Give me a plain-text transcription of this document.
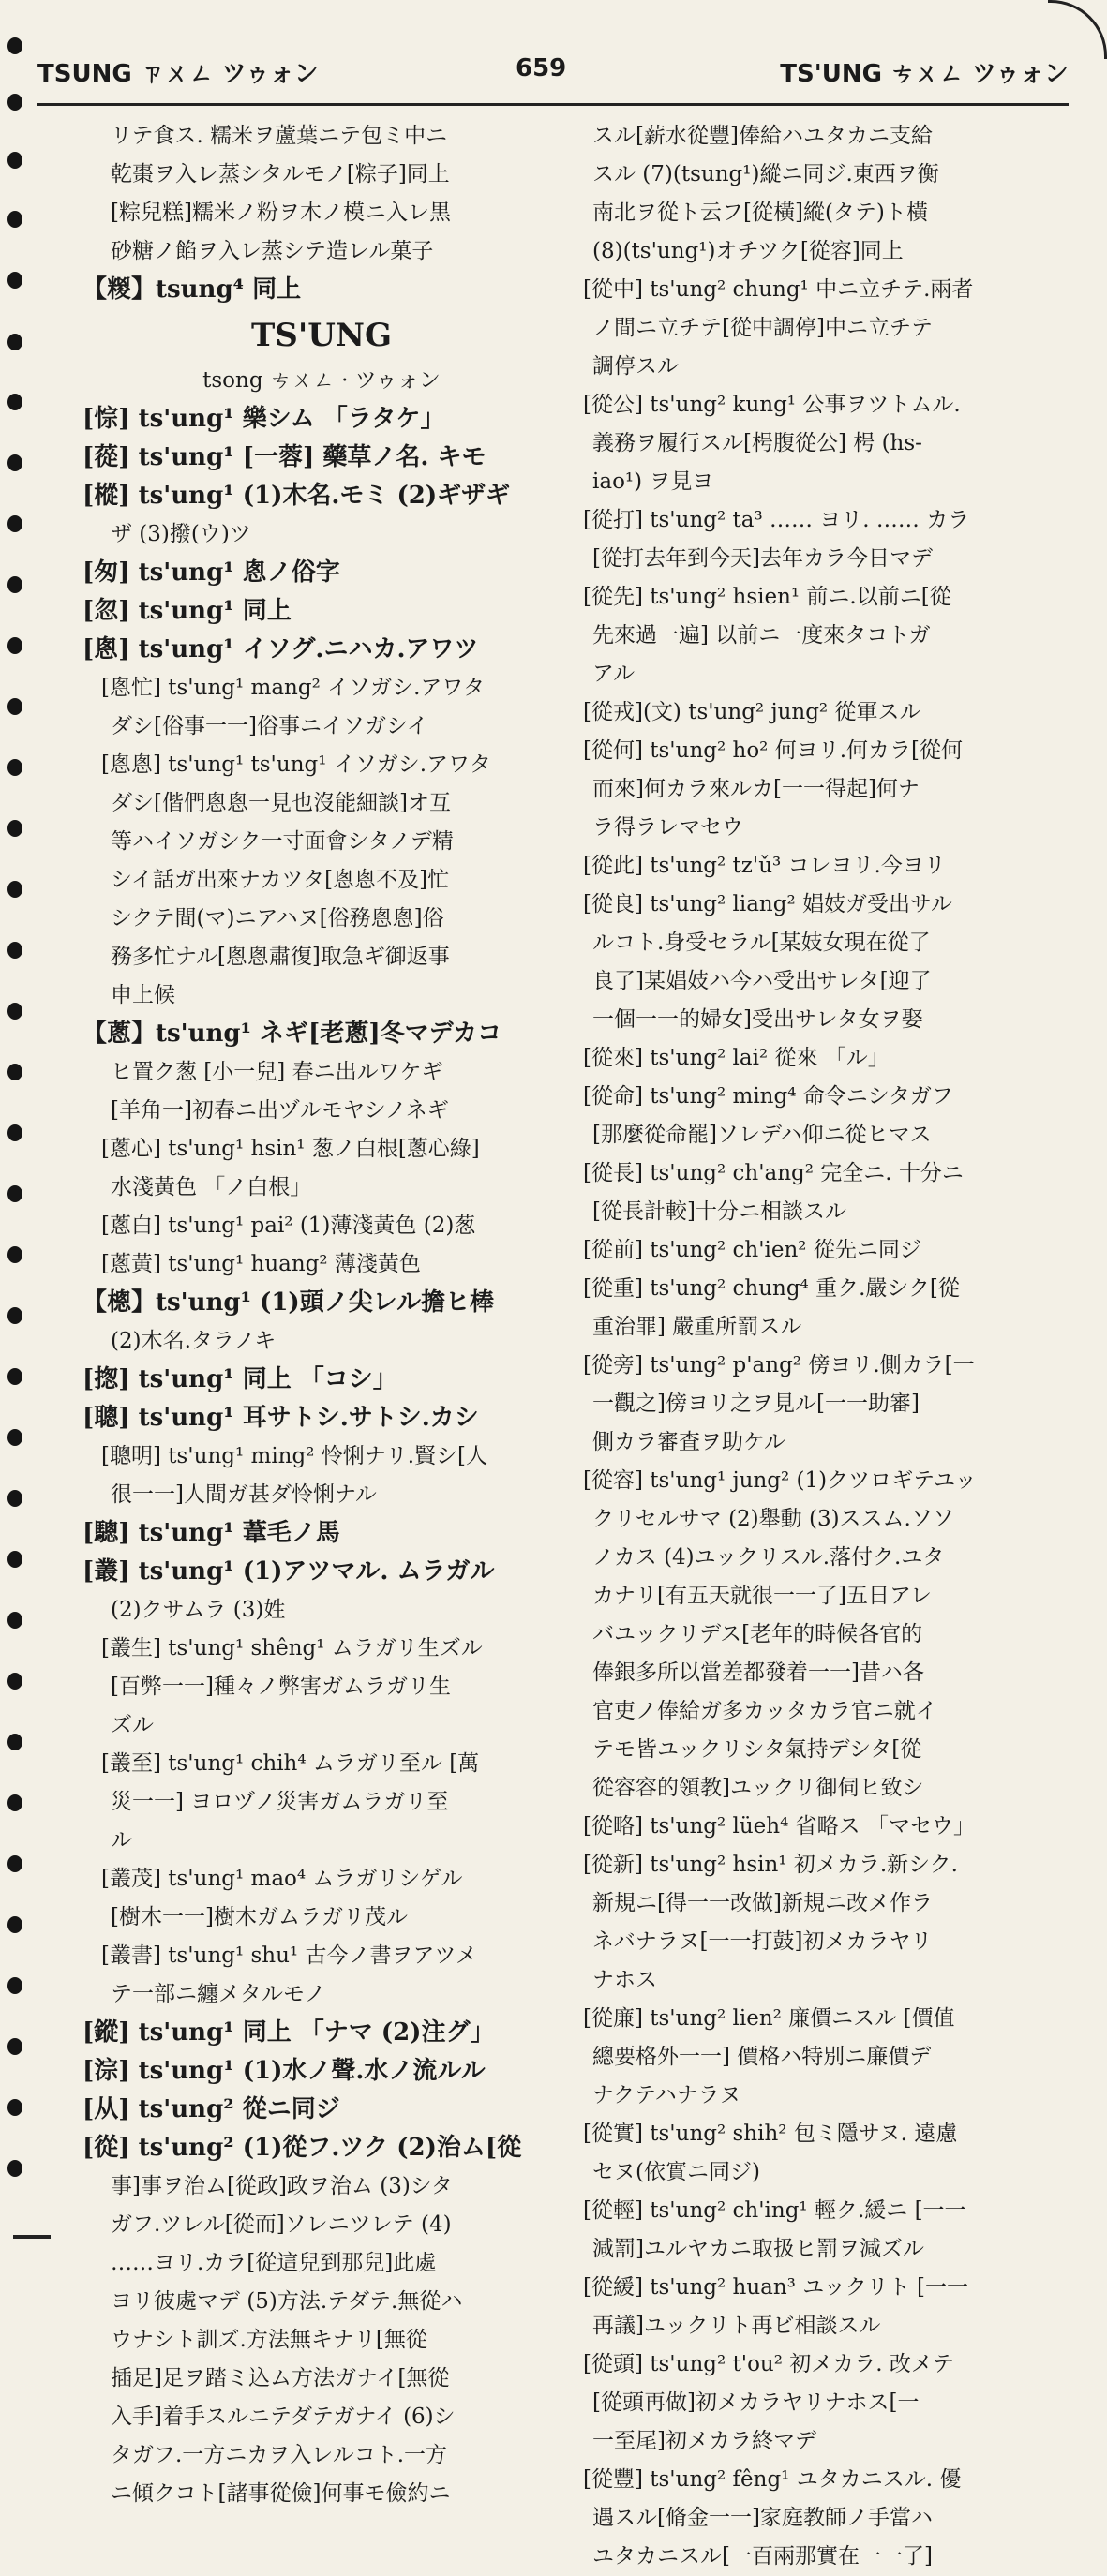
TSUNG ㄗㄨㄥ ツゥォン	659	TS'UNG ㄘㄨㄥ ツゥォン
リテ食ス. 糯米ヲ蘆葉ニテ包ミ中ニ
乾棗ヲ入レ蒸シタルモノ[粽子]同上
[粽兒糕]糯米ノ粉ヲ木ノ模ニ入レ黒
砂糖ノ餡ヲ入レ蒸シテ造レル菓子
【糉】tsung⁴ 同上
TS'UNG
tsong ㄘㄨㄥ · ツゥォン
[悰] ts'ung¹ 樂シム 「ラタケ」
[蓯] ts'ung¹ [一蓉] 藥草ノ名. キモ
[樅] ts'ung¹ (1)木名.モミ (2)ギザギ
ザ (3)撥(ウ)ツ
[匆] ts'ung¹ 悤ノ俗字
[忽] ts'ung¹ 同上
[悤] ts'ung¹ イソグ.ニハカ.アワツ
[悤忙] ts'ung¹ mang² イソガシ.アワタ
ダシ[俗事一一]俗事ニイソガシイ
[悤悤] ts'ung¹ ts'ung¹ イソガシ.アワタ
ダシ[偕們悤悤一見也沒能細談]オ互
等ハイソガシク一寸面會シタノデ精
シイ話ガ出來ナカツタ[悤悤不及]忙
シクテ間(マ)ニアハヌ[俗務悤悤]俗
務多忙ナル[悤悤肅復]取急ギ御返事
申上候
【蔥】ts'ung¹ ネギ[老蔥]冬マデカコ
ヒ置ク葱 [小一兒] 春ニ出ルワケギ
[羊角一]初春ニ出ヅルモヤシノネギ
[蔥心] ts'ung¹ hsin¹ 葱ノ白根[蔥心綠]
水淺黃色 「ノ白根」
[蔥白] ts'ung¹ pai² (1)薄淺黃色 (2)葱
[蔥黃] ts'ung¹ huang² 薄淺黃色
【樬】ts'ung¹ (1)頭ノ尖レル擔ヒ棒
(2)木名.タラノキ
[揔] ts'ung¹ 同上 「コシ」
[聰] ts'ung¹ 耳サトシ.サトシ.カシ
[聰明] ts'ung¹ ming² 怜悧ナリ.賢シ[人
很一一]人間ガ甚ダ怜悧ナル
[驄] ts'ung¹ 葦毛ノ馬
[叢] ts'ung¹ (1)アツマル. ムラガル
(2)クサムラ (3)姓
[叢生] ts'ung¹ shêng¹ ムラガリ生ズル
[百弊一一]種々ノ弊害ガムラガリ生
ズル
[叢至] ts'ung¹ chih⁴ ムラガリ至ル [萬
災一一] ヨロヅノ災害ガムラガリ至
ル
[叢茂] ts'ung¹ mao⁴ ムラガリシゲル
[樹木一一]樹木ガムラガリ茂ル
[叢書] ts'ung¹ shu¹ 古今ノ書ヲアツメ
テ一部ニ纏メタルモノ
[鏦] ts'ung¹ 同上 「ナマ (2)注グ」
[淙] ts'ung¹ (1)水ノ聲.水ノ流ルル
[从] ts'ung² 從ニ同ジ
[從] ts'ung² (1)從フ.ツク (2)治ム[從
事]事ヲ治ム[從政]政ヲ治ム (3)シタ
ガフ.ツレル[從而]ソレニツレテ (4)
……ヨリ.カラ[從這兒到那兒]此處
ヨリ彼處マデ (5)方法.テダテ.無從ハ
ウナシト訓ズ.方法無キナリ[無從
插足]足ヲ踏ミ込ム方法ガナイ[無從
入手]着手スルニテダテガナイ (6)シ
タガフ.一方ニカヲ入レルコト.一方
ニ傾クコト[諸事從儉]何事モ儉約ニ
スル[薪水從豐]俸給ハユタカニ支給
スル (7)(tsung¹)縱ニ同ジ.東西ヲ衡
南北ヲ從ト云フ[從橫]縱(タテ)ト橫
(8)(ts'ung¹)オチツク[從容]同上
[從中] ts'ung² chung¹ 中ニ立チテ.兩者
ノ間ニ立チテ[從中調停]中ニ立チテ
調停スル
[從公] ts'ung² kung¹ 公事ヲツトムル.
義務ヲ履行スル[枵腹從公] 枵 (hs-
iao¹) ヲ見ヨ
[從打] ts'ung² ta³ …… ヨリ. …… カラ
[從打去年到今天]去年カラ今日マデ
[從先] ts'ung² hsien¹ 前ニ.以前ニ[從
先來過一遍] 以前ニ一度來タコトガ
アル
[從戎](文) ts'ung² jung² 從軍スル
[從何] ts'ung² ho² 何ヨリ.何カラ[從何
而來]何カラ來ルカ[一一得起]何ナ
ラ得ラレマセウ
[從此] ts'ung² tz'ǔ³ コレヨリ.今ヨリ
[從良] ts'ung² liang² 娼妓ガ受出サル
ルコト.身受セラル[某妓女現在從了
良了]某娼妓ハ今ハ受出サレタ[迎了
一個一一的婦女]受出サレタ女ヲ娶
[從來] ts'ung² lai² 從來 「ル」
[從命] ts'ung² ming⁴ 命令ニシタガフ
[那麼從命罷]ソレデハ仰ニ從ヒマス
[從長] ts'ung² ch'ang² 完全ニ. 十分ニ
[從長計較]十分ニ相談スル
[從前] ts'ung² ch'ien² 從先ニ同ジ
[從重] ts'ung² chung⁴ 重ク.嚴シク[從
重治罪] 嚴重所罰スル
[從旁] ts'ung² p'ang² 傍ヨリ.側カラ[一
一觀之]傍ヨリ之ヲ見ル[一一助審]
側カラ審査ヲ助ケル
[從容] ts'ung¹ jung² (1)クツロギテユッ
クリセルサマ (2)舉動 (3)ススム.ソソ
ノカス (4)ユックリスル.落付ク.ユタ
カナリ[有五天就很一一了]五日アレ
バユックリデス[老年的時候各官的
俸銀多所以當差都發着一一]昔ハ各
官吏ノ俸給ガ多カッタカラ官ニ就イ
テモ皆ユックリシタ氣持デシタ[從
從容容的領教]ユックリ御伺ヒ致シ
[從略] ts'ung² lüeh⁴ 省略ス 「マセウ」
[從新] ts'ung² hsin¹ 初メカラ.新シク.
新規ニ[得一一改做]新規ニ改メ作ラ
ネバナラヌ[一一打鼓]初メカラヤリ
ナホス
[從廉] ts'ung² lien² 廉價ニスル [價值
總要格外一一] 價格ハ特別ニ廉價デ
ナクテハナラヌ
[從實] ts'ung² shih² 包ミ隱サヌ. 遠慮
セヌ(依實ニ同ジ)
[從輕] ts'ung² ch'ing¹ 輕ク.緩ニ [一一
減罰]ユルヤカニ取扱ヒ罰ヲ減ズル
[從緩] ts'ung² huan³ ユックリト [一一
再議]ユックリト再ビ相談スル
[從頭] ts'ung² t'ou² 初メカラ. 改メテ
[從頭再做]初メカラヤリナホス[一
一至尾]初メカラ終マデ
[從豐] ts'ung² fêng¹ ユタカニスル. 優
遇スル[脩金一一]家庭教師ノ手當ハ
ユタカニスル[一百兩那實在一一了]
